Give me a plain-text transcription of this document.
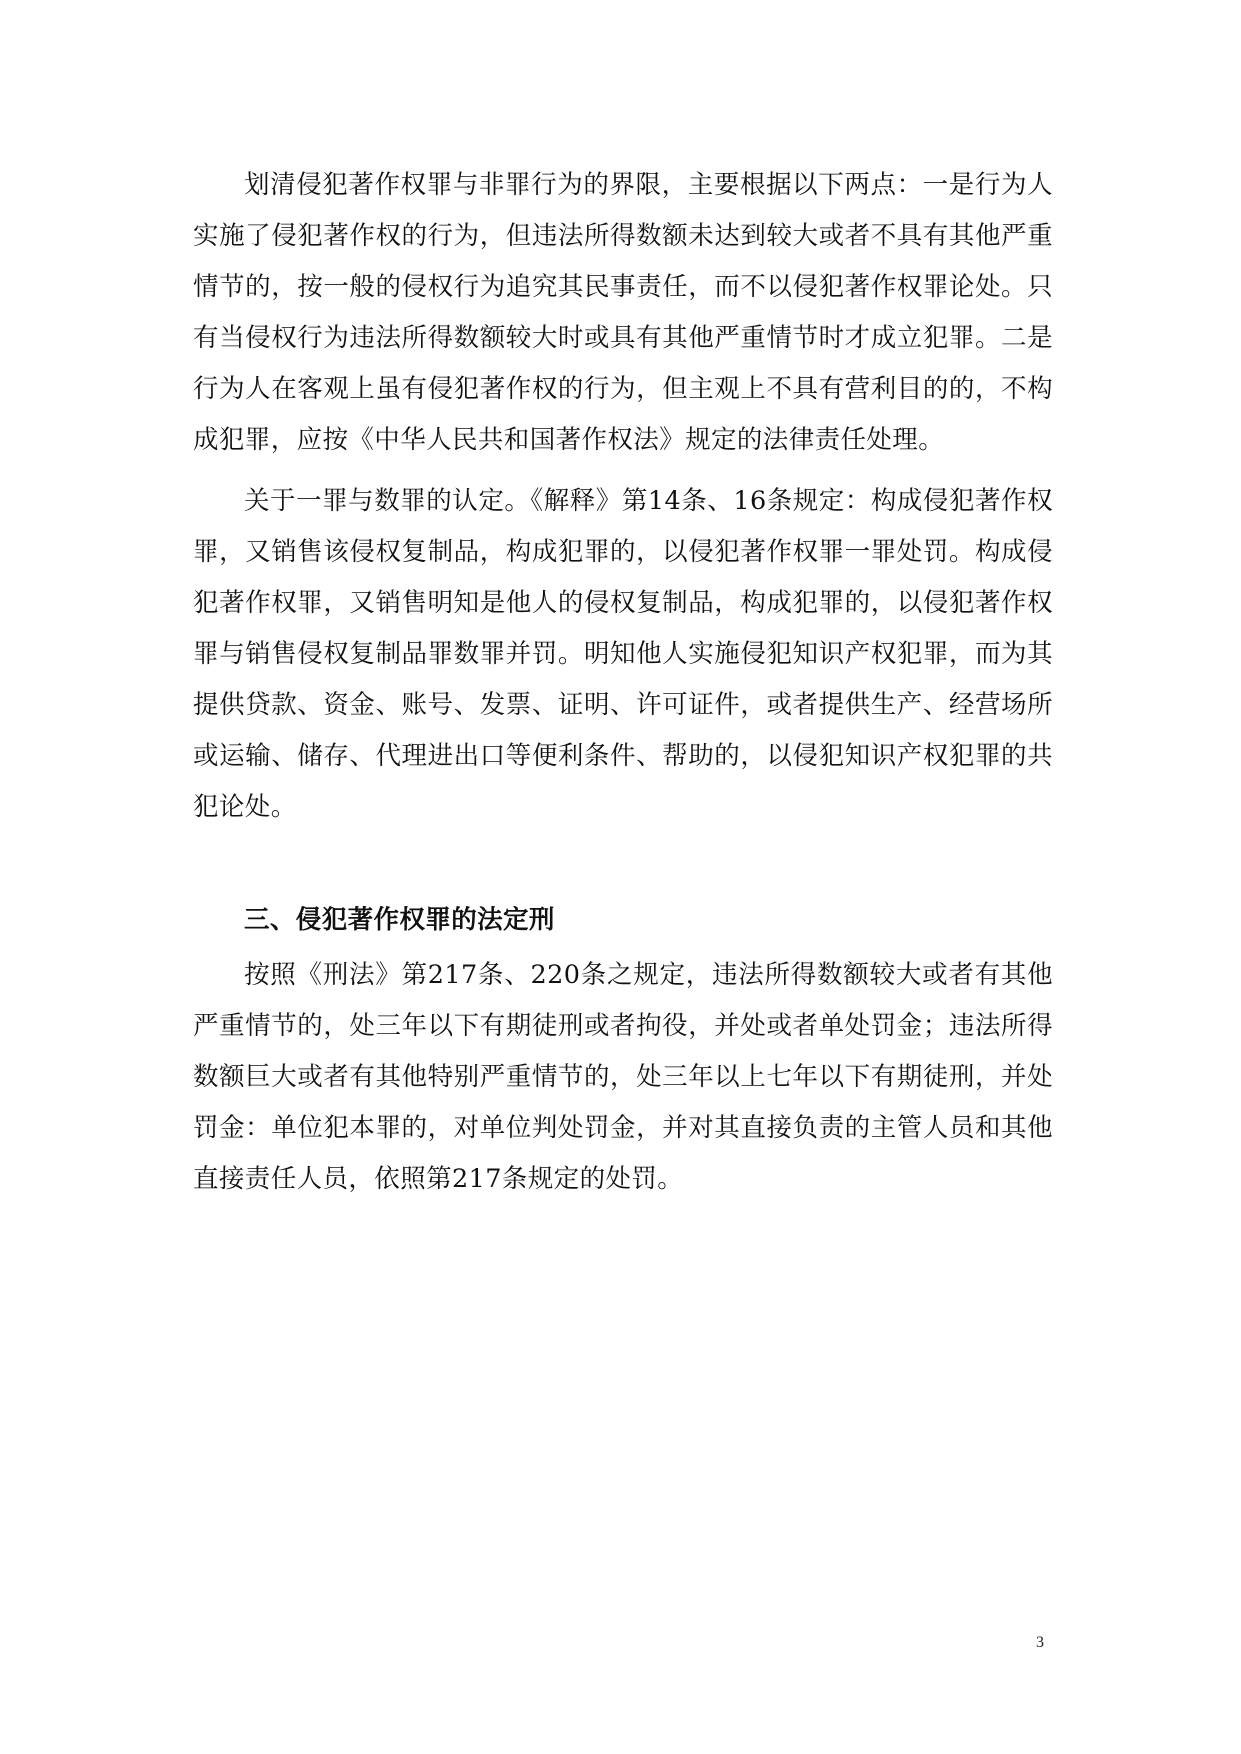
划清侵犯著作权罪与非罪行为的界限，主要根据以下两点：一是行为人实施了侵犯著作权的行为，但违法所得数额未达到较大或者不具有其他严重情节的，按一般的侵权行为追究其民事责任，而不以侵犯著作权罪论处。只有当侵权行为违法所得数额较大时或具有其他严重情节时才成立犯罪。二是行为人在客观上虽有侵犯著作权的行为，但主观上不具有营利目的的，不构成犯罪，应按《中华人民共和国著作权法》规定的法律责任处理。

关于一罪与数罪的认定。《解释》第14条、16条规定：构成侵犯著作权罪，又销售该侵权复制品，构成犯罪的，以侵犯著作权罪一罪处罚。构成侵犯著作权罪，又销售明知是他人的侵权复制品，构成犯罪的，以侵犯著作权罪与销售侵权复制品罪数罪并罚。明知他人实施侵犯知识产权犯罪，而为其提供贷款、资金、账号、发票、证明、许可证件，或者提供生产、经营场所或运输、储存、代理进出口等便利条件、帮助的，以侵犯知识产权犯罪的共犯论处。

三、侵犯著作权罪的法定刑

按照《刑法》第217条、220条之规定，违法所得数额较大或者有其他严重情节的，处三年以下有期徒刑或者拘役，并处或者单处罚金；违法所得数额巨大或者有其他特别严重情节的，处三年以上七年以下有期徒刑，并处罚金：单位犯本罪的，对单位判处罚金，并对其直接负责的主管人员和其他直接责任人员，依照第217条规定的处罚。

3
